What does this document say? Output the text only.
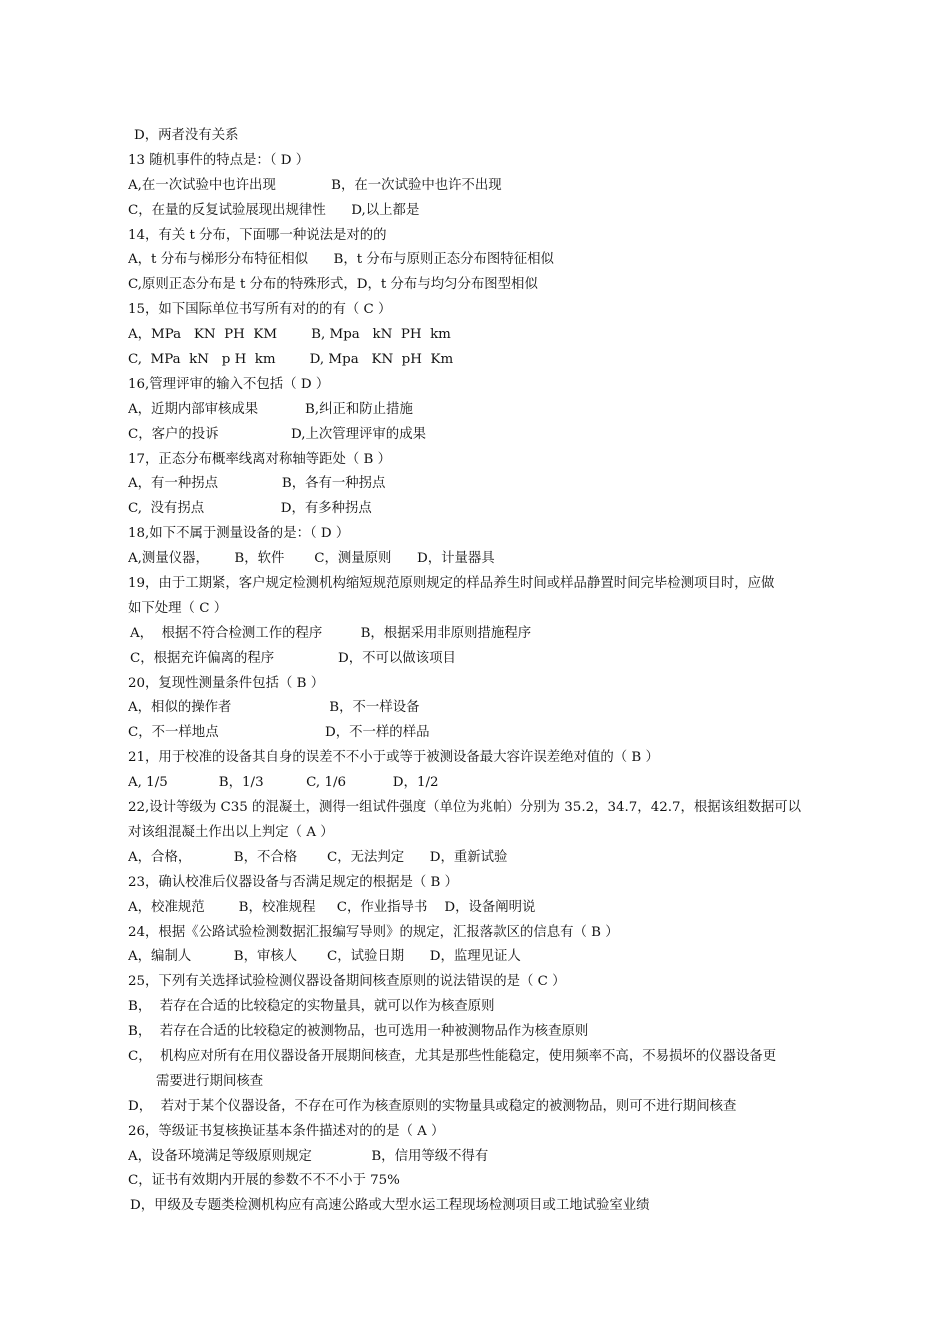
D，两者没有关系
13 随机事件的特点是：（ D ）
A,在一次试验中也许出现             B，在一次试验中也许不出现
C，在量的反复试验展现出规律性      D,以上都是
14，有关 t 分布，下面哪一种说法是对的的
A，t 分布与梯形分布特征相似      B，t 分布与原则正态分布图特征相似
C,原则正态分布是 t 分布的特殊形式，D，t 分布与均匀分布图型相似
15，如下国际单位书写所有对的的有（ C ）
A，MPa   KN  PH  KM        B, Mpa   kN  PH  km
C,  MPa  kN   p H  km        D, Mpa   KN  pH  Km
16,管理评审的输入不包括（ D ）
A，近期内部审核成果           B,纠正和防止措施
C，客户的投诉                 D,上次管理评审的成果
17，正态分布概率线离对称轴等距处（ B ）
A，有一种拐点               B，各有一种拐点
C,  没有拐点                  D，有多种拐点
18,如下不属于测量设备的是：（ D ）
A,测量仪器，      B，软件       C，测量原则      D，计量器具
19，由于工期紧，客户规定检测机构缩短规范原则规定的样品养生时间或样品静置时间完毕检测项目时，应做
如下处理（ C ）
A，  根据不符合检测工作的程序         B，根据采用非原则措施程序
C，根据充许偏离的程序               D，不可以做该项目
20，复现性测量条件包括（ B ）
A，相似的操作者                       B，不一样设备
C，不一样地点                         D，不一样的样品
21，用于校准的设备其自身的误差不不小于或等于被测设备最大容许误差绝对值的（ B ）
A, 1/5            B，1/3          C, 1/6           D，1/2
22,设计等级为 C35 的混凝土，测得一组试件强度（单位为兆帕）分别为 35.2，34.7，42.7，根据该组数据可以
对该组混凝土作出以上判定（ A ）
A，合格，          B，不合格       C，无法判定      D，重新试验
23，确认校准后仪器设备与否满足规定的根据是（ B ）
A，校准规范        B，校准规程     C，作业指导书    D，设备阐明说
24，根据《公路试验检测数据汇报编写导则》的规定，汇报落款区的信息有（ B ）
A，编制人          B，审核人       C，试验日期      D，监理见证人
25，下列有关选择试验检测仪器设备期间核查原则的说法错误的是（ C ）
B，  若存在合适的比较稳定的实物量具，就可以作为核查原则
B，  若存在合适的比较稳定的被测物品，也可选用一种被测物品作为核查原则
C，  机构应对所有在用仪器设备开展期间核查，尤其是那些性能稳定，使用频率不高，不易损坏的仪器设备更
需要进行期间核查
D，  若对于某个仪器设备，不存在可作为核查原则的实物量具或稳定的被测物品，则可不进行期间核查
26，等级证书复核换证基本条件描述对的的是（ A ）
A，设备环境满足等级原则规定              B，信用等级不得有
C，证书有效期内开展的参数不不不小于 75%
D，甲级及专题类检测机构应有高速公路或大型水运工程现场检测项目或工地试验室业绩
